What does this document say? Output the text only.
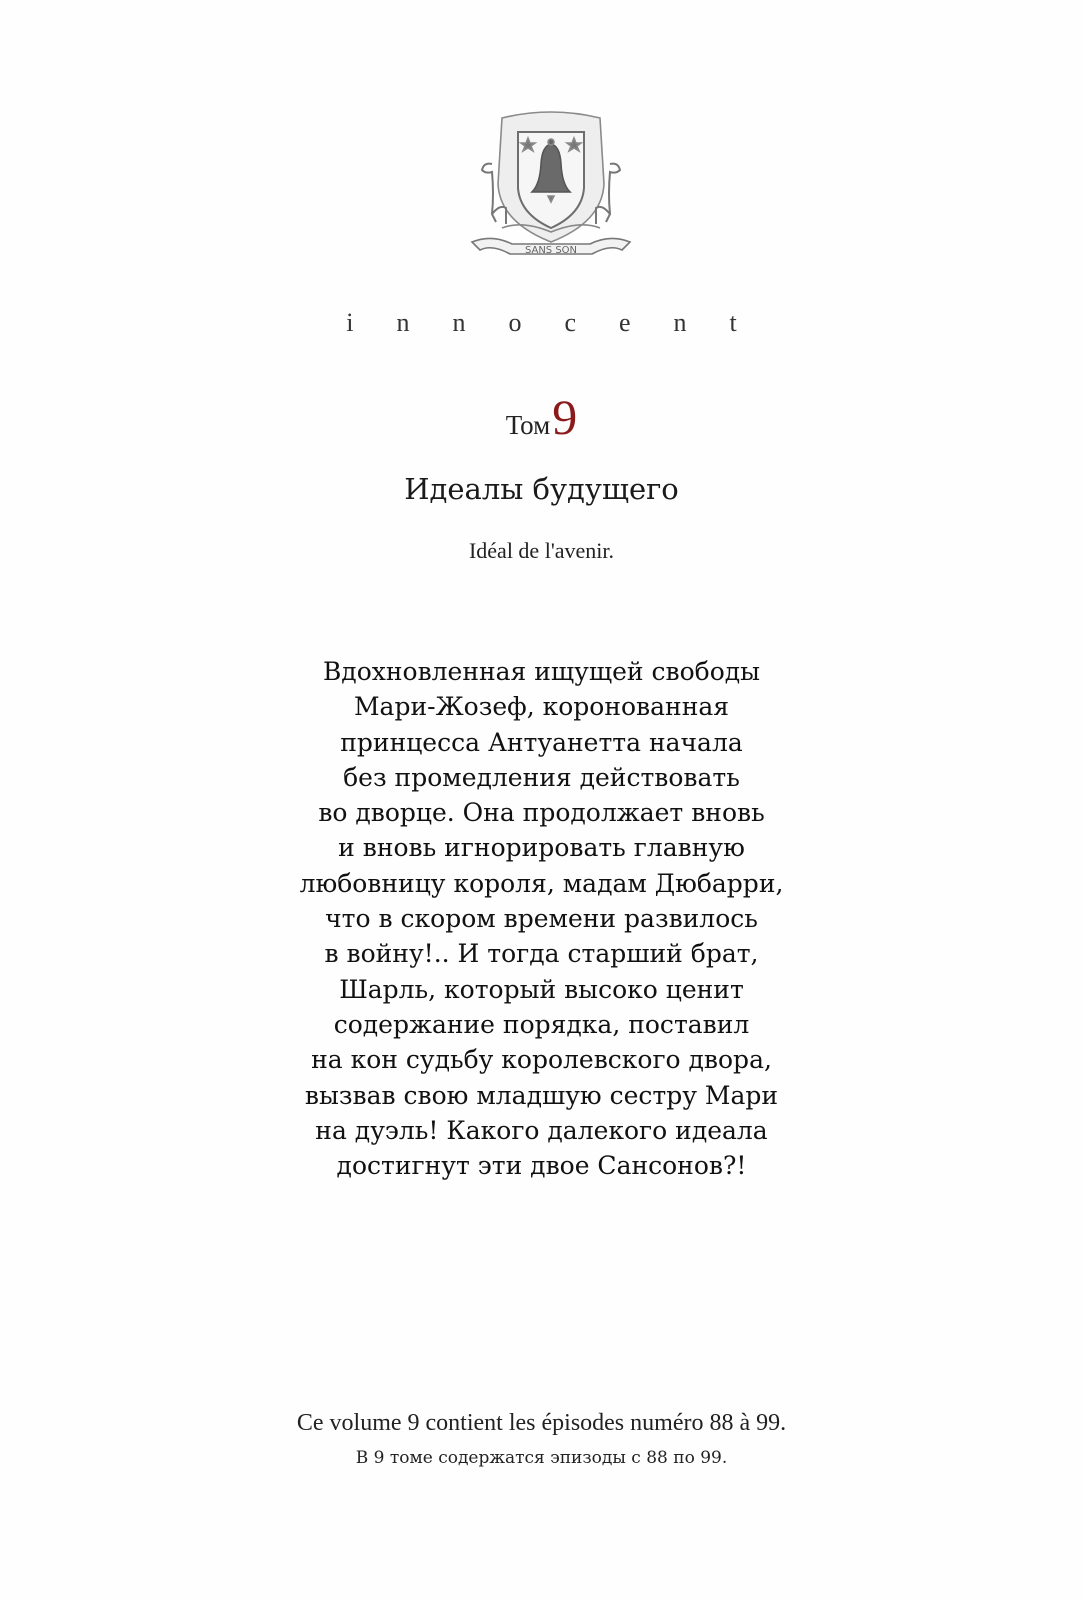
SANS SON
innocent
Том9
Идеалы будущего
Idéal de l'avenir.
Вдохновленная ищущей свободы
Мари-Жозеф, коронованная
принцесса Антуанетта начала
без промедления действовать
во дворце. Она продолжает вновь
и вновь игнорировать главную
любовницу короля, мадам Дюбарри,
что в скором времени развилось
в войну!.. И тогда старший брат,
Шарль, который высоко ценит
содержание порядка, поставил
на кон судьбу королевского двора,
вызвав свою младшую сестру Мари
на дуэль! Какого далекого идеала
достигнут эти двое Сансонов?!
Ce volume 9 contient les épisodes numéro 88 à 99.
В 9 томе содержатся эпизоды с 88 по 99.
